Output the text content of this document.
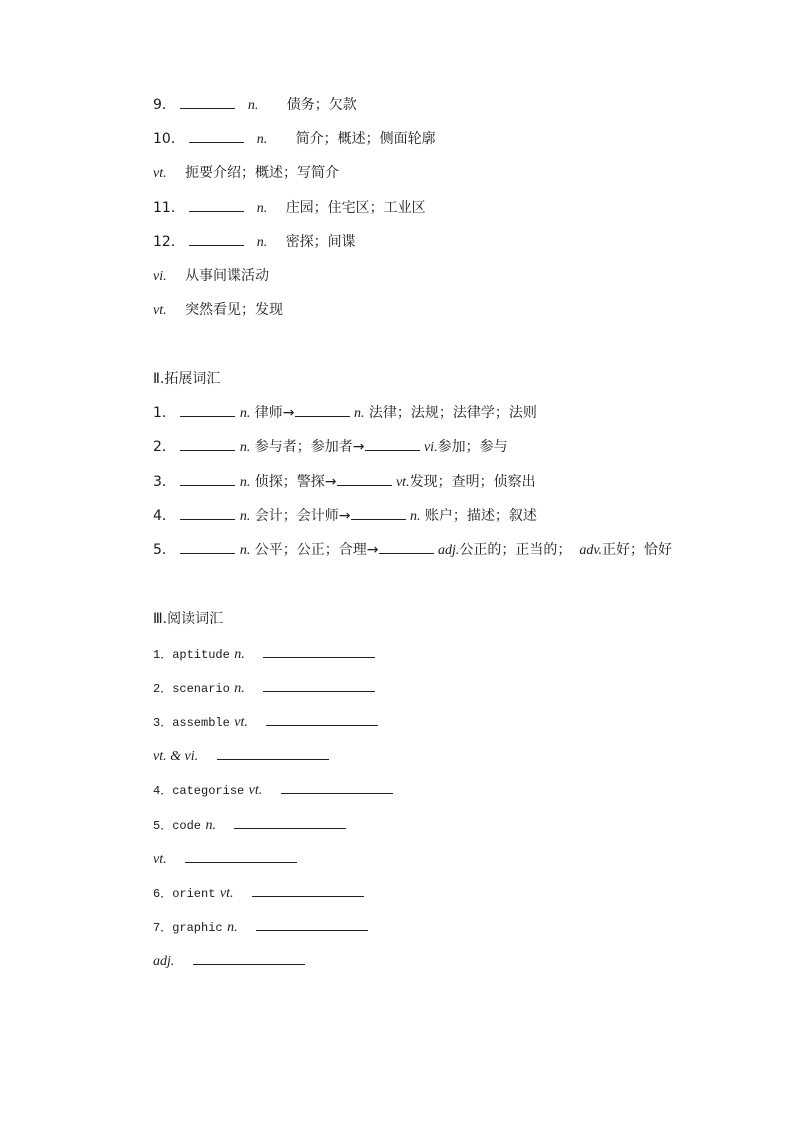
9．	n. 债务；欠款
10．	n. 简介；概述；侧面轮廓
vt. 扼要介绍；概述；写简介
11．	n. 庄园；住宅区；工业区
12．	n. 密探；间谍
vi. 从事间谍活动
vt. 突然看见；发现
Ⅱ.拓展词汇
1．	n. 律师→	n. 法律；法规；法律学；法则
2．	n. 参与者；参加者→	vi.参加；参与
3．	n. 侦探；警探→	vt.发现；查明；侦察出
4．	n. 会计；会计师→	n. 账户；描述；叙述
5．	n. 公平；公正；合理→	adj.公正的；正当的； adv.正好；恰好
Ⅲ.阅读词汇
1．aptitude n.
2．scenario n.
3．assemble vt.
vt. & vi.
4．categorise vt.
5．code n.
vt.
6．orient vt.
7．graphic n.
adj.
